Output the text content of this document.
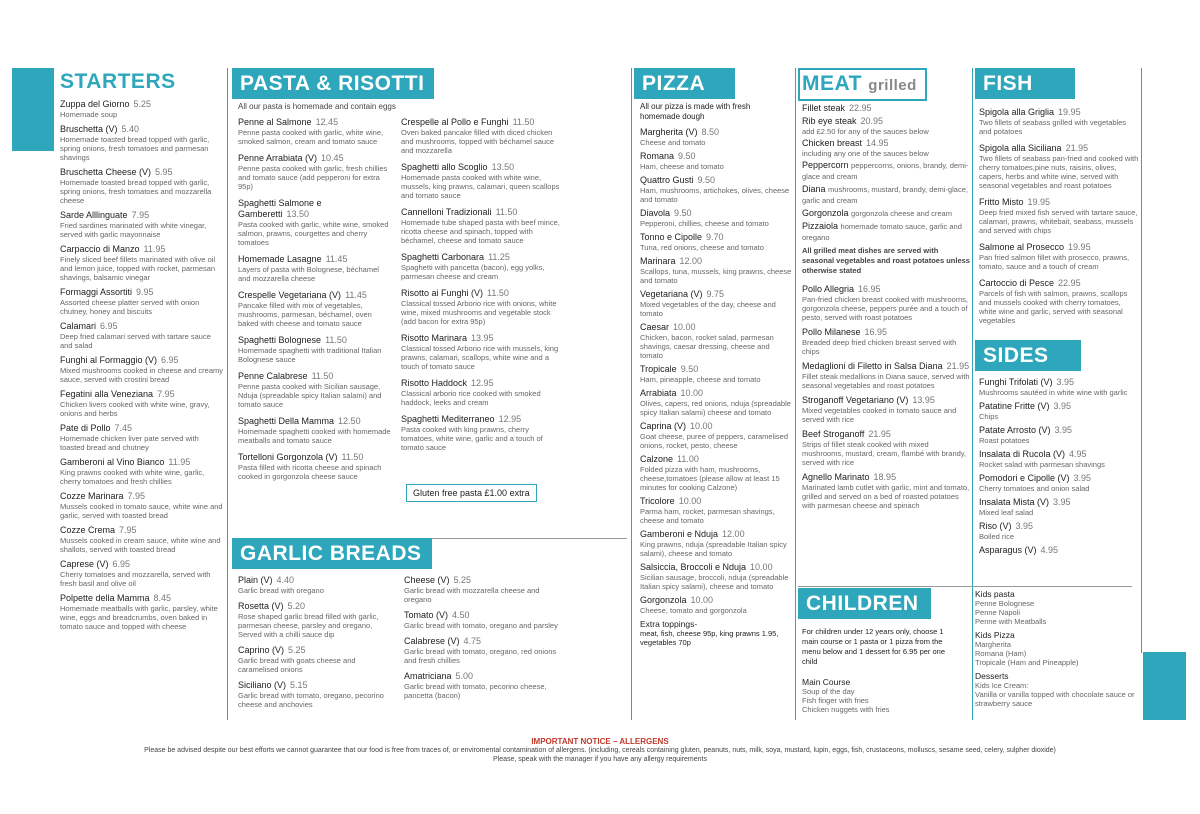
STARTERS
Zuppa del Giorno 5.25
Homemade soup
Bruschetta (V) 5.40
Homemade toasted bread topped with garlic, spring onions, fresh tomatoes and parmesan shavings
Bruschetta Cheese (V) 5.95
Homemade toasted bread topped with garlic, spring onions, fresh tomatoes and mozzarella cheese
Sarde Alllinguate 7.95
Fried sardines marinated with white vinegar, served with garlic mayonnaise
Carpaccio di Manzo 11.95
Finely sliced beef fillets marinated with olive oil and lemon juice, topped with rocket, parmesan shavings, balsamic vinegar
Formaggi Assortiti 9.95
Assorted cheese platter served with onion chutney, honey and biscuits
Calamari 6.95
Deep fried calamari served with tartare sauce and salad
Funghi al Formaggio (V) 6.95
Mixed mushrooms cooked in cheese and creamy sauce, served with crostini bread
Fegatini alla Veneziana 7.95
Chicken livers cooked with white wine, gravy, onions and herbs
Pate di Pollo 7.45
Homemade chicken liver pate served with toasted bread and chutney
Gamberoni al Vino Bianco 11.95
King prawns cooked with white wine, garlic, cherry tomatoes and fresh chillies
Cozze Marinara 7.95
Mussels cooked in tomato sauce, white wine and garlic, served with toasted bread
Cozze Crema 7.95
Mussels cooked in cream sauce, white wine and shallots, served with toasted bread
Caprese (V) 6.95
Cherry tomatoes and mozzarella, served with fresh basil and olive oil
Polpette della Mamma 8.45
Homemade meatballs with garlic, parsley, white wine, eggs and breadcrumbs, oven baked in tomato sauce and topped with cheese
PASTA & RISOTTI
All our pasta is homemade and contain eggs
Penne al Salmone 12.45
Penne pasta cooked with garlic, white wine, smoked salmon, cream and tomato sauce
Penne Arrabiata (V) 10.45
Penne pasta cooked with garlic, fresh chillies and tomato sauce (add pepperoni for extra 95p)
Spaghetti Salmone e Gamberetti 13.50
Pasta cooked with garlic, white wine, smoked salmon, prawns, courgettes and cherry tomatoes
Homemade Lasagne 11.45
Layers of pasta with Bolognese, béchamel and mozzarella cheese
Crespelle Vegetariana (V) 11.45
Pancake filled with mix of vegetables, mushrooms, parmesan, béchamel, oven baked with cheese and tomato sauce
Spaghetti Bolognese 11.50
Homemade spaghetti with traditional Italian Bolognese sauce
Penne Calabrese 11.50
Penne pasta cooked with Sicilian sausage, Nduja (spreadable spicy Italian salami) and tomato sauce
Spaghetti Della Mamma 12.50
Homemade spaghetti cooked with homemade meatballs and tomato sauce
Tortelloni Gorgonzola (V) 11.50
Pasta filled with ricotta cheese and spinach cooked in gorgonzola cheese sauce
Crespelle al Pollo e Funghi 11.50
Oven baked pancake filled with diced chicken and mushrooms, topped with béchamel sauce and mozzarella
Spaghetti allo Scoglio 13.50
Homemade pasta cooked with white wine, mussels, king prawns, calamari, queen scallops and tomato sauce
Cannelloni Tradizionali 11.50
Homemade tube shaped pasta with beef mince, ricotta cheese and spinach, topped with béchamel, cheese and tomato sauce
Spaghetti Carbonara 11.25
Spaghetti with pancetta (bacon), egg yolks, parmesan cheese and cream
Risotto ai Funghi (V) 11.50
Classical tossed Arborio rice with onions, white wine, mixed mushrooms and vegetable stock (add bacon for extra 95p)
Risotto Marinara 13.95
Classical tossed Arborio rice with mussels, king prawns, calamari, scallops, white wine and a touch of tomato sauce
Risotto Haddock 12.95
Classical arborio rice cooked with smoked haddock, leeks and cream
Spaghetti Mediterraneo 12.95
Pasta cooked with king prawns, cherry tomatoes, white wine, garlic and a touch of tomato sauce
Gluten free pasta £1.00 extra
GARLIC BREADS
Plain (V) 4.40
Garlic bread with oregano
Rosetta (V) 5.20
Rose shaped garlic bread filled with garlic, parmesan cheese, parsley and oregano, Served with a chilli sauce dip
Caprino (V) 5.25
Garlic bread with goats cheese and caramelised onions
Siciliano (V) 5.15
Garlic bread with tomato, oregano, pecorino cheese and anchovies
Cheese (V) 5.25
Garlic bread with mozzarella cheese and oregano
Tomato (V) 4.50
Garlic bread with tomato, oregano and parsley
Calabrese (V) 4.75
Garlic bread with tomato, oregano, red onions and fresh chillies
Amatriciana 5.00
Garlic bread with tomato, pecorino cheese, pancetta (bacon)
PIZZA
All our pizza is made with fresh homemade dough
Margherita (V) 8.50
Cheese and tomato
Romana 9.50
Ham, cheese and tomato
Quattro Gusti 9.50
Ham, mushrooms, artichokes, olives, cheese and tomato
Diavola 9.50
Pepperoni, chillies, cheese and tomato
Tonno e Cipolle 9.70
Tuna, red onions, cheese and tomato
Marinara 12.00
Scallops, tuna, mussels, king prawns, cheese and tomato
Vegetariana (V) 9.75
Mixed vegetables of the day, cheese and tomato
Caesar 10.00
Chicken, bacon, rocket salad, parmesan shavings, caesar dressing, cheese and tomato
Tropicale 9.50
Ham, pineapple, cheese and tomato
Arrabiata 10.00
Olives, capers, red onions, nduja (spreadable spicy Italian salami) cheese and tomato
Caprina (V) 10.00
Goat cheese, puree of peppers, caramelised onions, rocket, pesto, cheese
Calzone 11.00
Folded pizza with ham, mushrooms, cheese,tomatoes (please allow at least 15 minutes for cooking Calzone)
Tricolore 10.00
Parma ham, rocket, parmesan shavings, cheese and tomato
Gamberoni e Nduja 12.00
King prawns, nduja (spreadable Italian spicy salami), cheese and tomato
Salsiccia, Broccoli e Nduja 10.00
Sicilian sausage, broccoli, nduja (spreadable Italian spicy salami), cheese and tomato
Gorgonzola 10.00
Cheese, tomato and gorgonzola
Extra toppings-
meat, fish, cheese 95p, king prawns 1.95, vegetables 70p
MEAT grilled
Fillet steak 22.95
Rib eye steak 20.95
add £2.50 for any of the sauces below
Chicken breast 14.95
including any one of the sauces below
Peppercorn peppercorns, onions, brandy, demi-glace and cream
Diana mushrooms, mustard, brandy, demi-glace, garlic and cream
Gorgonzola gorgonzola cheese and cream
Pizzaiola homemade tomato sauce, garlic and oregano
All grilled meat dishes are served with seasonal vegetables and roast potatoes unless otherwise stated
Pollo Allegria 16.95
Pan-fried chicken breast cooked with mushrooms, gorgonzola cheese, peppers purée and a touch of pesto, served with roast potatoes
Pollo Milanese 16.95
Breaded deep fried chicken breast served with chips
Medaglioni di Filetto in Salsa Diana 21.95
Fillet steak medallions in Diana sauce, served with seasonal vegetables and roast potatoes
Stroganoff Vegetariano (V) 13.95
Mixed vegetables cooked in tomato sauce and served with rice
Beef Stroganoff 21.95
Strips of fillet steak cooked with mixed mushrooms, mustard, cream, flambé with brandy, served with rice
Agnello Marinato 18.95
Marinated lamb cutlet with garlic, mint and tomato, grilled and served on a bed of roasted potatoes with parmesan cheese and spinach
CHILDREN
For children under 12 years only, choose 1 main course or 1 pasta or 1 pizza from the menu below and 1 dessert for 6.95 per one child
Main Course
Soup of the day
Fish finger with fries
Chicken nuggets with fries
Kids pasta
Penne Bolognese
Penne Napoli
Penne with Meatballs
Kids Pizza
Margherita
Romana (Ham)
Tropicale (Ham and Pineapple)
Desserts
Kids Ice Cream:
Vanilla or vanilla topped with chocolate sauce or strawberry sauce
FISH
Spigola alla Griglia 19.95
Two fillets of seabass grilled with vegetables and potatoes
Spigola alla Siciliana 21.95
Two fillets of seabass pan-fried and cooked with cherry tomatoes,pine nuts, raisins, olives, capers, herbs and white wine, served with seasonal vegetables and roast potatoes
Fritto Misto 19.95
Deep fried mixed fish served with tartare sauce, calamari, prawns, whitebait, seabass, mussels and served with chips
Salmone al Prosecco 19.95
Pan fried salmon fillet with prosecco, prawns, tomato, sauce and a touch of cream
Cartoccio di Pesce 22.95
Parcels of fish with salmon, prawns, scallops and mussels cooked with cherry tomatoes, white wine and garlic, served with seasonal vegetables
SIDES
Funghi Trifolati (V) 3.95
Mushrooms sautéed in white wine with garlic
Patatine Fritte (V) 3.95
Chips
Patate Arrosto (V) 3.95
Roast potatoes
Insalata di Rucola (V) 4.95
Rocket salad with parmesan shavings
Pomodori e Cipolle (V) 3.95
Cherry tomatoes and onion salad
Insalata Mista (V) 3.95
Mixed leaf salad
Riso (V) 3.95
Boiled rice
Asparagus (V) 4.95
IMPORTANT NOTICE – ALLERGENS
Please be advised despite our best efforts we cannot guarantee that our food is free from traces of, or enviromental contamination of allergens. (including, cereals containing gluten, peanuts, nuts, milk, soya, mustard, lupin, eggs, fish, crustaceons, molluscs, sesame seed, celery, sulpher dioxide)
Please, speak with the manager if you have any allergy requirements
